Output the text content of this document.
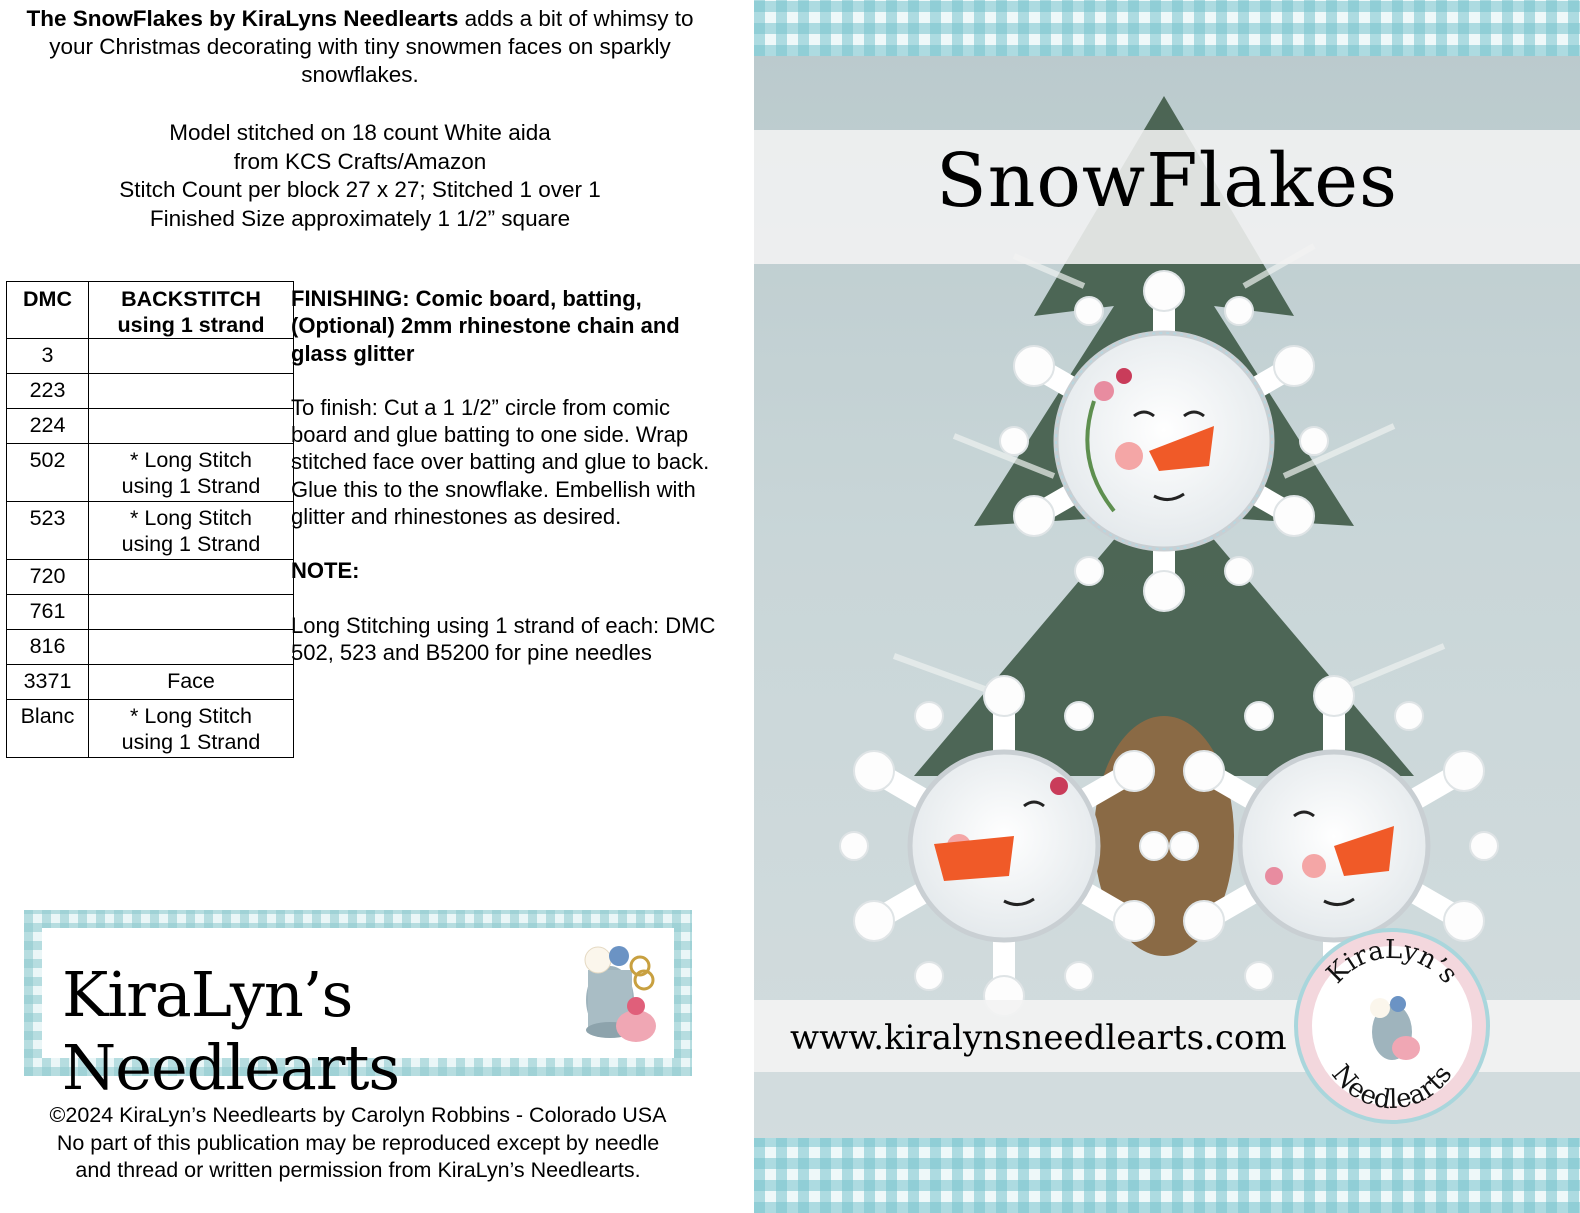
The SnowFlakes by KiraLyns Needlearts adds a bit of whimsy to your Christmas decorating with tiny snowmen faces on sparkly snowflakes.
Model stitched on 18 count White aida
from KCS Crafts/Amazon
Stitch Count per block 27 x 27; Stitched 1 over 1
Finished Size approximately 1 1/2” square
DMC	BACKSTITCH using 1 strand
3	
223	
224	
502	* Long Stitch using 1 Strand
523	* Long Stitch using 1 Strand
720	
761	
816	
3371	Face
Blanc	* Long Stitch using 1 Strand

FINISHING: Comic board, batting, (Optional) 2mm rhinestone chain and glass glitter

To finish: Cut a 1 1/2” circle from comic board and glue batting to one side. Wrap stitched face over batting and glue to back. Glue this to the snowflake. Embellish with glitter and rhinestones as desired.

NOTE:

Long Stitching using 1 strand of each: DMC 502, 523 and B5200 for pine needles

KiraLyn’s Needlearts
©2024 KiraLyn’s Needlearts by Carolyn Robbins - Colorado USA
No part of this publication may be reproduced except by needle
and thread or written permission from KiraLyn’s Needlearts.
SnowFlakes
www.kiralynsneedlearts.com
KiraLyn’s
Needlearts
